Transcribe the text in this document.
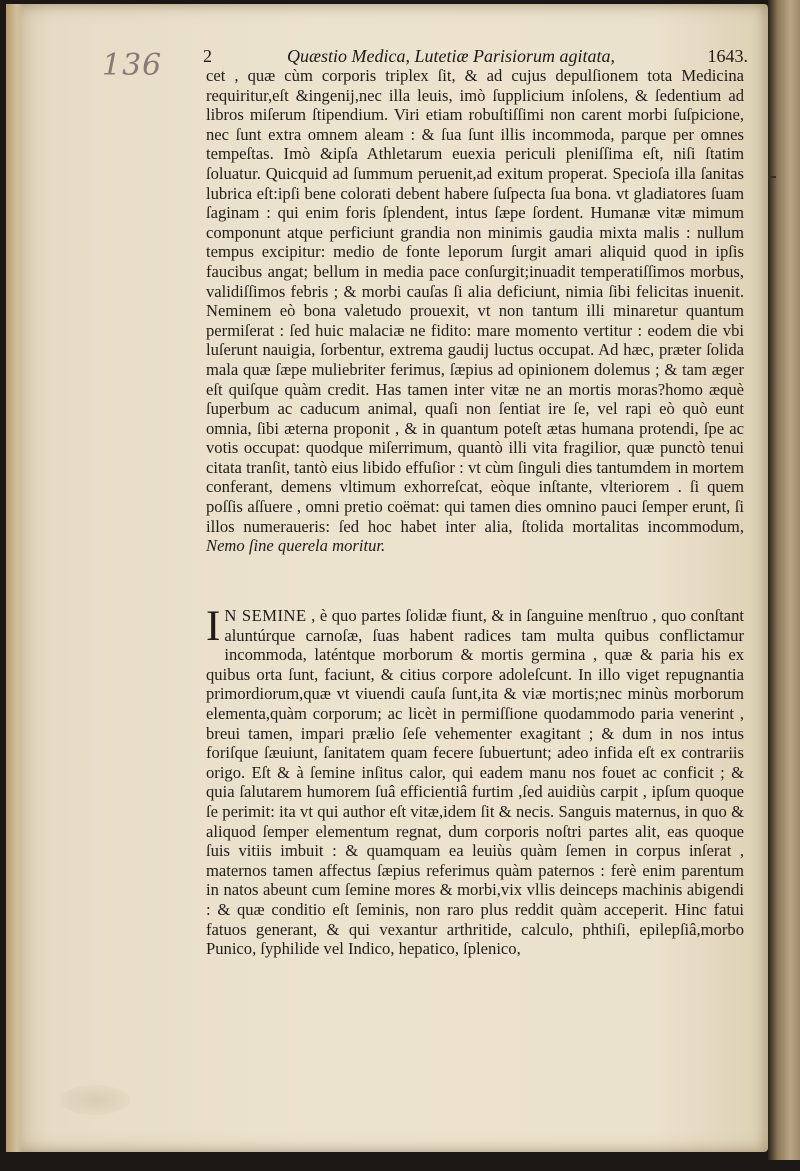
136 2	Quæstio Medica, Lutetiæ Parisiorum agitata,	1643.

cet , quæ cùm corporis triplex ſit, & ad cujus depulſionem tota Medicina requiritur,eſt &ingenij,nec illa leuis, imò ſupplicium inſolens, & ſedentium ad libros miſerum ſtipendium. Viri etiam robuſtiſſimi non carent morbi ſuſpicione, nec ſunt extra omnem aleam : & ſua ſunt illis incommoda, parque per omnes tempeſtas. Imò &ipſa Athletarum euexia periculi pleniſſima eſt, niſi ſtatim ſoluatur. Quicquid ad ſummum peruenit,ad exitum properat. Specioſa illa ſanitas lubrica eſt:ipſi bene colorati debent habere ſuſpecta ſua bona. vt gladiatores ſuam ſaginam : qui enim foris ſplendent, intus ſæpe ſordent. Humanæ vitæ mimum componunt atque perficiunt grandia non minimis gaudia mixta malis : nullum tempus excipitur: medio de fonte leporum ſurgit amari aliquid quod in ipſis faucibus angat; bellum in media pace conſurgit;inuadit temperatiſſimos morbus, validiſſimos febris ; & morbi cauſas ſi alia deficiunt, nimia ſibi felicitas inuenit. Neminem eò bona valetudo prouexit, vt non tantum illi minaretur quantum permiſerat : ſed huic malaciæ ne fidito: mare momento vertitur : eodem die vbi luſerunt nauigia, ſorbentur, extrema gaudij luctus occupat. Ad hæc, præter ſolida mala quæ ſæpe muliebriter ferimus, ſæpius ad opinionem dolemus ; & tam æger eſt quiſque quàm credit. Has tamen inter vitæ ne an mortis moras?homo æquè ſuperbum ac caducum animal, quaſi non ſentiat ire ſe, vel rapi eò quò eunt omnia, ſibi æterna proponit , & in quantum poteſt ætas humana protendi, ſpe ac votis occupat: quodque miſerrimum, quantò illi vita fragilior, quæ punctò tenui citata tranſit, tantò eius libido effuſior : vt cùm ſinguli dies tantumdem in mortem conferant, demens vltimum exhorreſcat, eòque inſtante, vlteriorem . ſi quem poſſis aſſuere , omni pretio coëmat: qui tamen dies omnino pauci ſemper erunt, ſi illos numeraueris: ſed hoc habet inter alia, ſtolida mortalitas incommodum, Nemo ſine querela moritur.

I N SEMINE , è quo partes ſolidæ fiunt, & in ſanguine menſtruo , quo conſtant aluntúrque carnoſæ, ſuas habent radices tam multa quibus conflictamur incommoda, laténtque morborum & mortis germina , quæ & paria his ex quibus orta ſunt, faciunt, & citius corpore adoleſcunt. In illo viget repugnantia primordiorum,quæ vt viuendi cauſa ſunt,ita & viæ mortis;nec minùs morborum elementa,quàm corporum; ac licèt in permiſſione quodammodo paria venerint , breui tamen, impari prælio ſeſe vehementer exagitant ; & dum in nos intus foriſque ſæuiunt, ſanitatem quam fecere ſubuertunt; adeo infida eſt ex contrariis origo. Eſt & à ſemine inſitus calor, qui eadem manu nos fouet ac conficit ; & quia ſalutarem humorem ſuâ efficientiâ furtim ,ſed auidiùs carpit , ipſum quoque ſe perimit: ita vt qui author eſt vitæ,idem ſit & necis. Sanguis maternus, in quo & aliquod ſemper elementum regnat, dum corporis noſtri partes alit, eas quoque ſuis vitiis imbuit : & quamquam ea leuiùs quàm ſemen in corpus inſerat , maternos tamen affectus ſæpius referimus quàm paternos : ferè enim parentum in natos abeunt cum ſemine mores & morbi,vix vllis deinceps machinis abigendi : & quæ conditio eſt ſeminis, non raro plus reddit quàm acceperit. Hinc fatui fatuos generant, & qui vexantur arthritide, calculo, phthiſi, epilepſiâ,morbo Punico, ſyphilide vel Indico, hepatico, ſplenico,
